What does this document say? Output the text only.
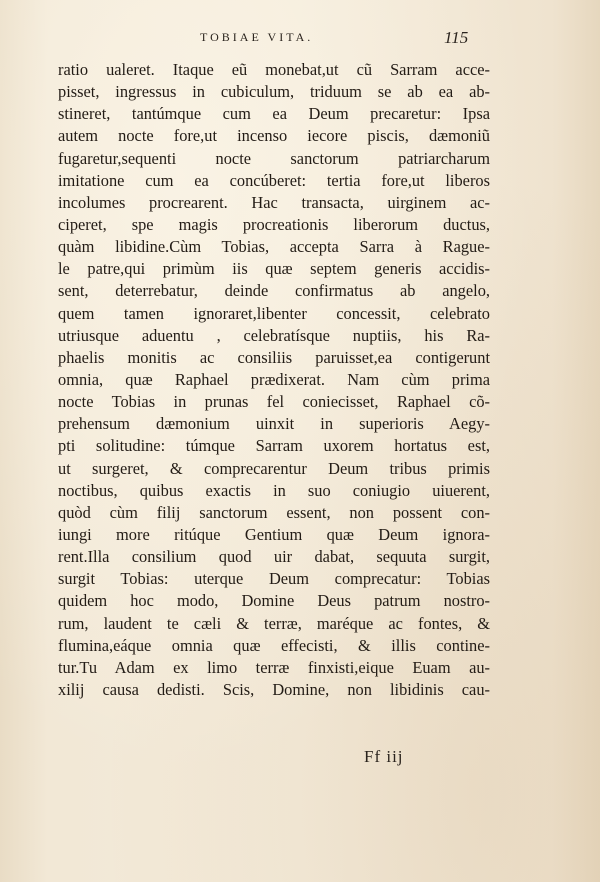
TOBIAE VITA.	115
ratio ualeret. Itaque eũ monebat,ut cũ Sarram acce-
pisset, ingressus in cubiculum, triduum se ab ea ab-
stineret, tantúmque cum ea Deum precaretur: Ipsa
autem nocte fore,ut incenso iecore piscis, dæmoniũ
fugaretur,sequenti nocte sanctorum patriarcharum
imitatione cum ea concúberet: tertia fore,ut liberos
incolumes procrearent. Hac transacta, uirginem ac-
ciperet, spe magis procreationis liberorum ductus,
quàm libidine.Cùm Tobias, accepta Sarra à Rague-
le patre,qui primùm iis quæ septem generis accidis-
sent, deterrebatur, deinde confirmatus ab angelo,
quem tamen ignoraret,libenter concessit, celebrato
utriusque aduentu , celebratísque nuptiis, his Ra-
phaelis monitis ac consiliis paruisset,ea contigerunt
omnia, quæ Raphael prædixerat. Nam cùm prima
nocte Tobias in prunas fel coniecisset, Raphael cõ-
prehensum dæmonium uinxit in superioris Aegy-
pti solitudine: túmque Sarram uxorem hortatus est,
ut surgeret, & comprecarentur Deum tribus primis
noctibus, quibus exactis in suo coniugio uiuerent,
quòd cùm filij sanctorum essent, non possent con-
iungi more ritúque Gentium quæ Deum ignora-
rent.Illa consilium quod uir dabat, sequuta surgit,
surgit Tobias: uterque Deum comprecatur: Tobias
quidem hoc modo, Domine Deus patrum nostro-
rum, laudent te cæli & terræ, maréque ac fontes, &
flumina,eáque omnia quæ effecisti, & illis contine-
tur.Tu Adam ex limo terræ finxisti,eique Euam au-
xilij causa dedisti. Scis, Domine, non libidinis cau-
Ff iij
